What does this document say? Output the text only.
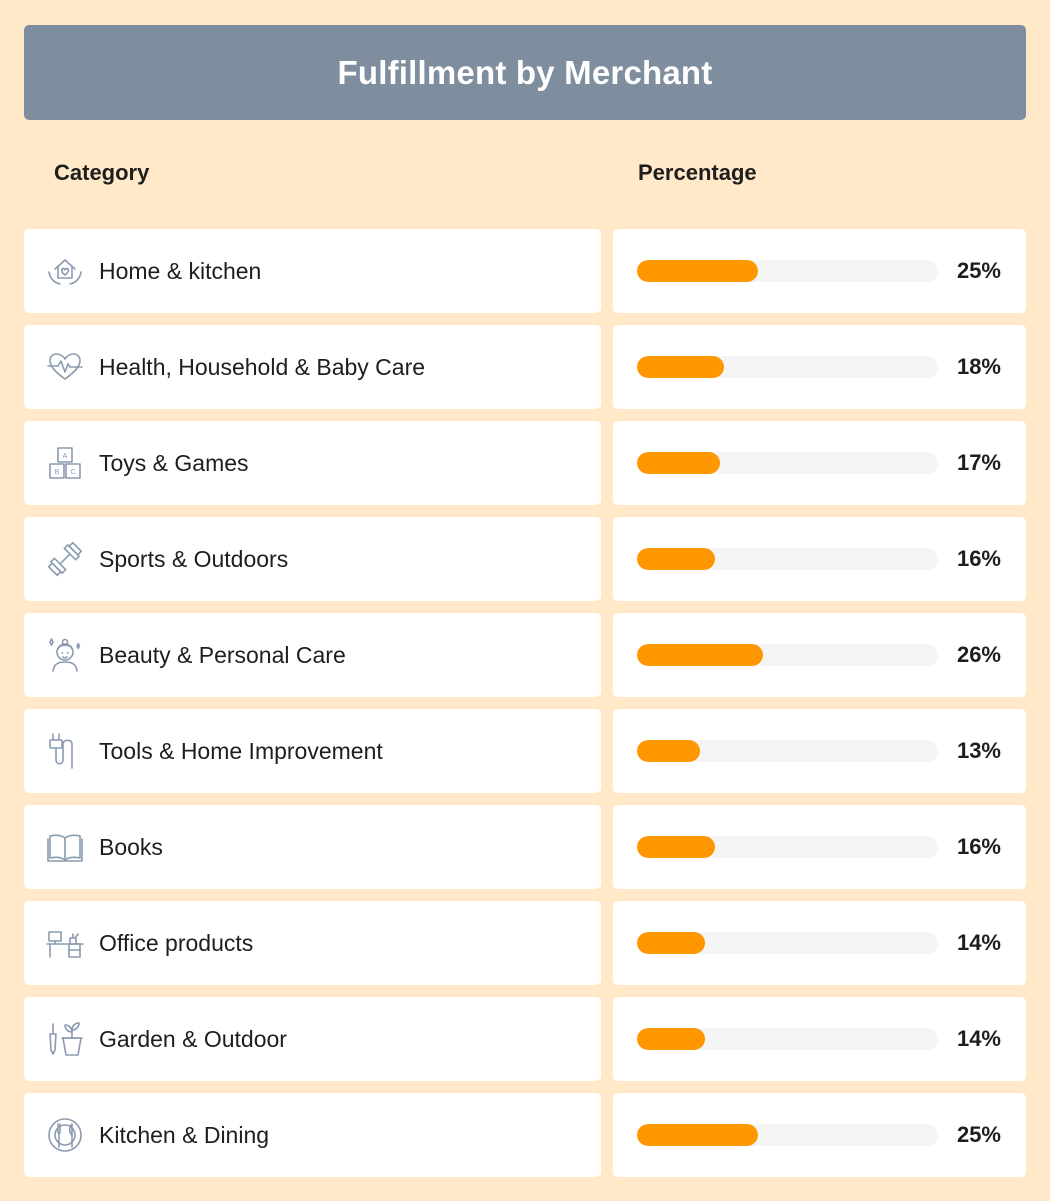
Fulfillment by Merchant
Category	Percentage
Home & kitchen	25%
Health, Household & Baby Care	18%
A
B C Toys & Games	17%
Sports & Outdoors	16%
Beauty & Personal Care	26%
Tools & Home Improvement	13%
Books	16%
Office products	14%
Garden & Outdoor	14%
Kitchen & Dining	25%
